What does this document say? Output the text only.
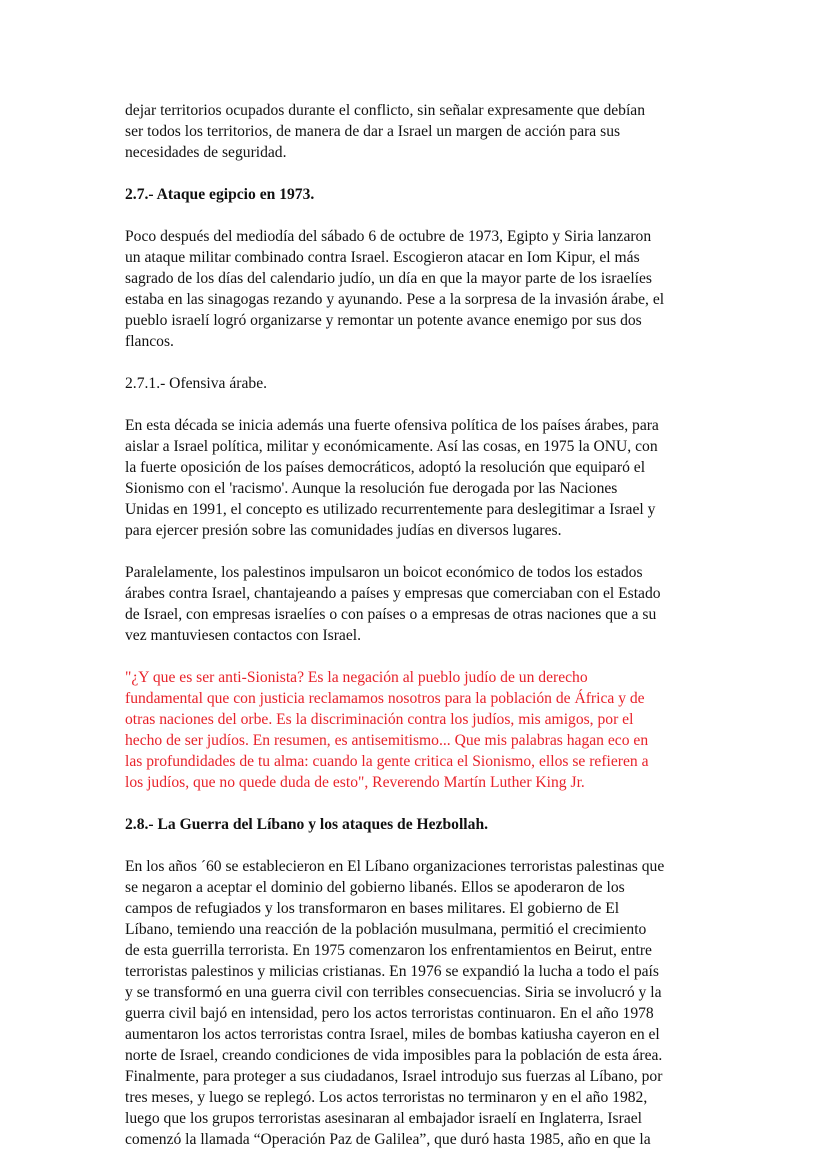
dejar territorios ocupados durante el conflicto, sin señalar expresamente que debían

ser todos los territorios, de manera de dar a Israel un margen de acción para sus

necesidades de seguridad.

2.7.- Ataque egipcio en 1973.

Poco después del mediodía del sábado 6 de octubre de 1973, Egipto y Siria lanzaron

un ataque militar combinado contra Israel. Escogieron atacar en Iom Kipur, el más

sagrado de los días del calendario judío, un día en que la mayor parte de los israelíes

estaba en las sinagogas rezando y ayunando. Pese a la sorpresa de la invasión árabe, el

pueblo israelí logró organizarse y remontar un potente avance enemigo por sus dos

flancos.

2.7.1.- Ofensiva árabe.

En esta década se inicia además una fuerte ofensiva política de los países árabes, para

aislar a Israel política, militar y económicamente. Así las cosas, en 1975 la ONU, con

la fuerte oposición de los países democráticos, adoptó la resolución que equiparó el

Sionismo con el 'racismo'. Aunque la resolución fue derogada por las Naciones

Unidas en 1991, el concepto es utilizado recurrentemente para deslegitimar a Israel y

para ejercer presión sobre las comunidades judías en diversos lugares.

Paralelamente, los palestinos impulsaron un boicot económico de todos los estados

árabes contra Israel, chantajeando a países y empresas que comerciaban con el Estado

de Israel, con empresas israelíes o con países o a empresas de otras naciones que a su

vez mantuviesen contactos con Israel.

"¿Y que es ser anti-Sionista? Es la negación al pueblo judío de un derecho

fundamental que con justicia reclamamos nosotros para la población de África y de

otras naciones del orbe. Es la discriminación contra los judíos, mis amigos, por el

hecho de ser judíos. En resumen, es antisemitismo... Que mis palabras hagan eco en

las profundidades de tu alma: cuando la gente critica el Sionismo, ellos se refieren a

los judíos, que no quede duda de esto", Reverendo Martín Luther King Jr.

2.8.- La Guerra del Líbano y los ataques de Hezbollah.

En los años ´60 se establecieron en El Líbano organizaciones terroristas palestinas que

se negaron a aceptar el dominio del gobierno libanés. Ellos se apoderaron de los

campos de refugiados y los transformaron en bases militares. El gobierno de El

Líbano, temiendo una reacción de la población musulmana, permitió el crecimiento

de esta guerrilla terrorista. En 1975 comenzaron los enfrentamientos en Beirut, entre

terroristas palestinos y milicias cristianas. En 1976 se expandió la lucha a todo el país

y se transformó en una guerra civil con terribles consecuencias. Siria se involucró y la

guerra civil bajó en intensidad, pero los actos terroristas continuaron. En el año 1978

aumentaron los actos terroristas contra Israel, miles de bombas katiusha cayeron en el

norte de Israel, creando condiciones de vida imposibles para la población de esta área.

Finalmente, para proteger a sus ciudadanos, Israel introdujo sus fuerzas al Líbano, por

tres meses, y luego se replegó. Los actos terroristas no terminaron y en el año 1982,

luego que los grupos terroristas asesinaran al embajador israelí en Inglaterra, Israel

comenzó la llamada “Operación Paz de Galilea”, que duró hasta 1985, año en que la
